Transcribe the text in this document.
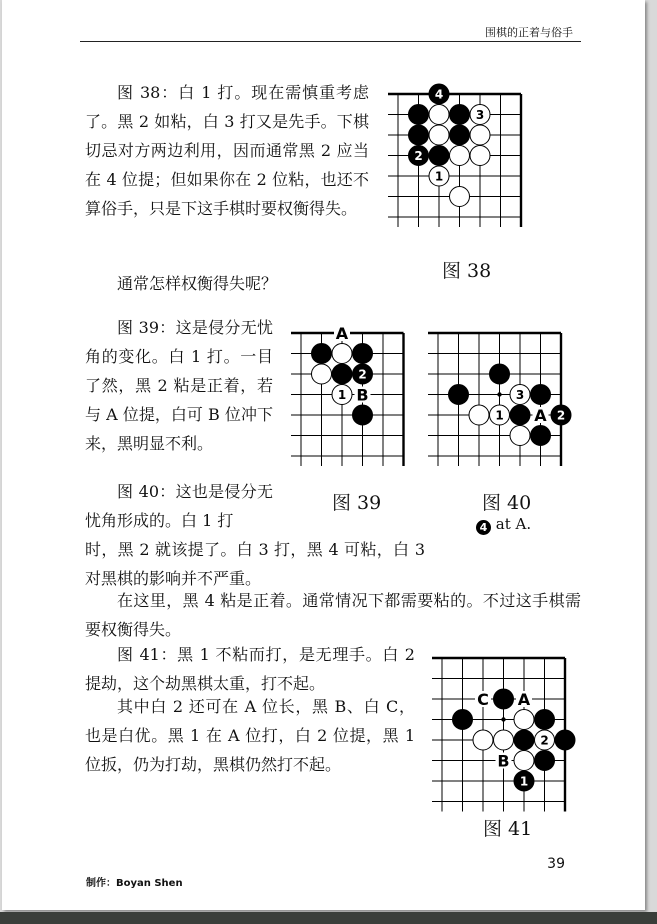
围棋的正着与俗手

图 38：白 1 打。现在需慎重考虑了。黑 2 如粘，白 3 打又是先手。下棋切忌对方两边利用，因而通常黑 2 应当在 4 位提；但如果你在 2 位粘，也还不算俗手，只是下这手棋时要权衡得失。

4
3
2
1
图 38

通常怎样权衡得失呢？

图 39：这是侵分无忧角的变化。白 1 打。一目了然，黑 2 粘是正着，若与 A 位提，白可 B 位冲下来，黑明显不利。

A
B
2
1
A
3
1	2
图 39	图 40
4 at A.

图 40：这也是侵分无忧角形成的。白 1 打

时，黑 2 就该提了。白 3 打，黑 4 可粘，白 3 对黑棋的影响并不严重。

在这里，黑 4 粘是正着。通常情况下都需要粘的。不过这手棋需要权衡得失。

图 41：黑 1 不粘而打，是无理手。白 2 提劫，这个劫黑棋太重，打不起。

其中白 2 还可在 A 位长，黑 B、白 C，也是白优。黑 1 在 A 位打，白 2 位提，黑 1 位扳，仍为打劫，黑棋仍然打不起。

C A
B
2
1
图 41
39
制作：Boyan Shen
